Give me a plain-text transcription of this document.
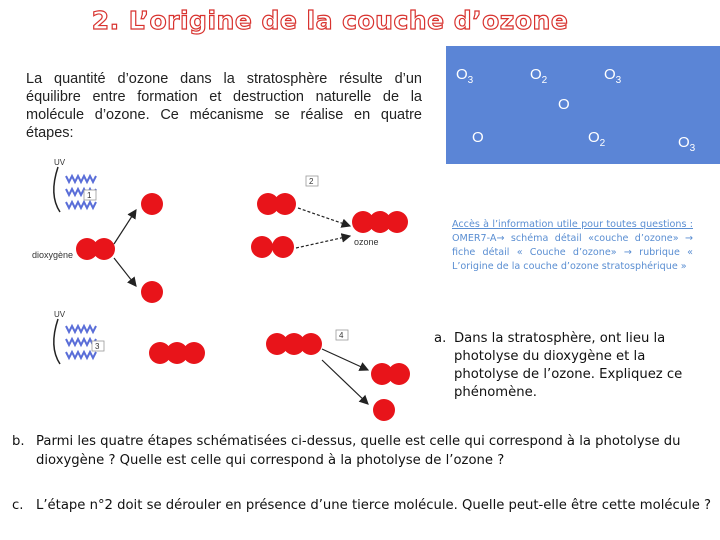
2. L’origine de la couche d’ozone
La quantité d’ozone dans la stratosphère résulte d’un équilibre entre formation et destruction naturelle de la molécule d’ozone. Ce mécanisme se réalise en quatre étapes:
$O_3$	$O_2$	$O_3$
O
O	$O_2$	$O_3$
UV
1
dioxygène
2
ozone
UV
3
4
Accès à l’information utile pour toutes questions : OMER7-A→ schéma détail «couche d’ozone» → fiche détail « Couche d’ozone» → rubrique « L’origine de la couche d’ozone stratosphérique »
a. Dans la stratosphère, ont lieu la photolyse du dioxygène et la photolyse de l’ozone. Expliquez ce phénomène.
b. Parmi les quatre étapes schématisées ci-dessus, quelle est celle qui correspond à la photolyse du dioxygène ? Quelle est celle qui correspond à la photolyse de l’ozone ?
c. L’étape n°2 doit se dérouler en présence d’une tierce molécule. Quelle peut-elle être cette molécule ?
